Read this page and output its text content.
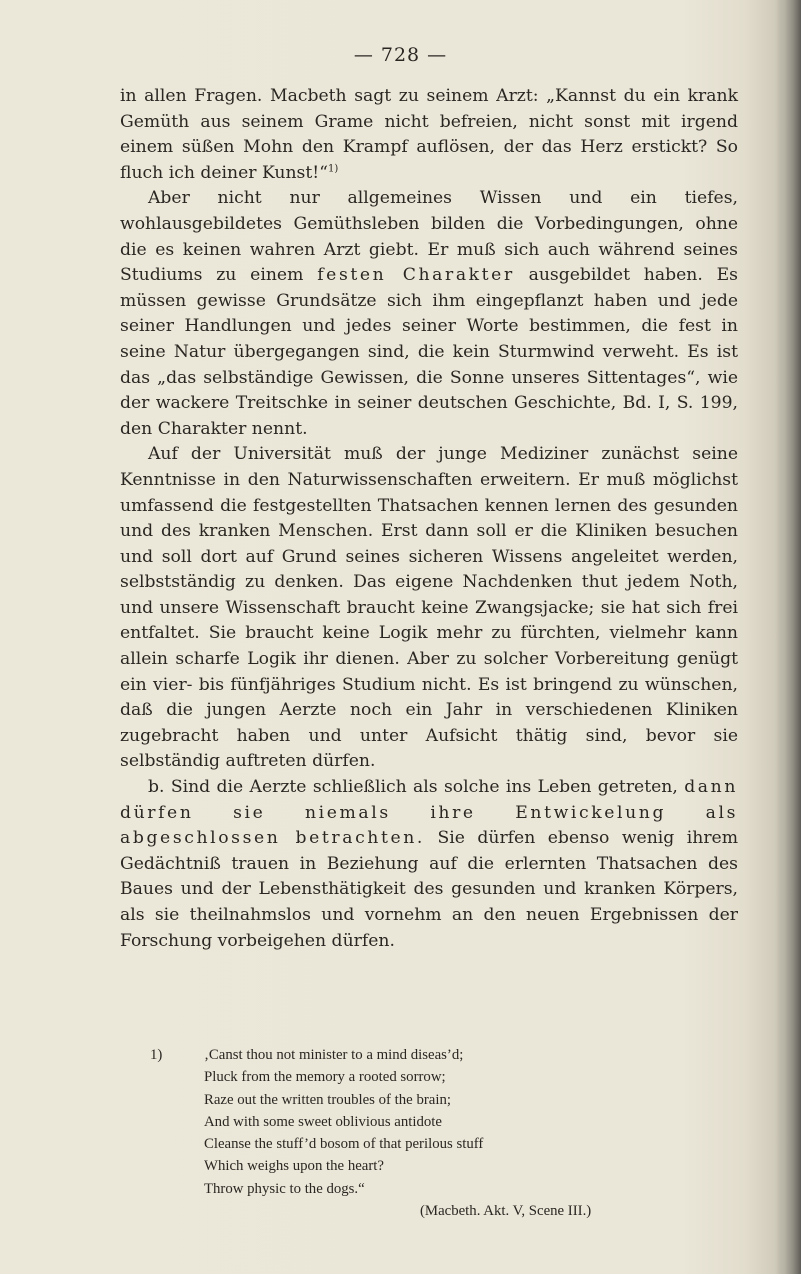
— 728 —

in allen Fragen. Macbeth sagt zu seinem Arzt: „Kannst du ein krank Gemüth aus seinem Grame nicht befreien, nicht sonst mit irgend einem süßen Mohn den Krampf auflösen, der das Herz erstickt? So fluch ich deiner Kunst!“$^{1)}$

Aber nicht nur allgemeines Wissen und ein tiefes, wohlausgebildetes Gemüthsleben bilden die Vorbedingungen, ohne die es keinen wahren Arzt giebt. Er muß sich auch während seines Studiums zu einem festen Charakter ausgebildet haben. Es müssen gewisse Grundsätze sich ihm eingepflanzt haben und jede seiner Handlungen und jedes seiner Worte bestimmen, die fest in seine Natur übergegangen sind, die kein Sturmwind verweht. Es ist das „das selbständige Gewissen, die Sonne unseres Sittentages“, wie der wackere Treitschke in seiner deutschen Geschichte, Bd. I, S. 199, den Charakter nennt.

Auf der Universität muß der junge Mediziner zunächst seine Kenntnisse in den Naturwissenschaften erweitern. Er muß möglichst umfassend die festgestellten Thatsachen kennen lernen des gesunden und des kranken Menschen. Erst dann soll er die Kliniken besuchen und soll dort auf Grund seines sicheren Wissens angeleitet werden, selbstständig zu denken. Das eigene Nachdenken thut jedem Noth, und unsere Wissenschaft braucht keine Zwangsjacke; sie hat sich frei entfaltet. Sie braucht keine Logik mehr zu fürchten, vielmehr kann allein scharfe Logik ihr dienen. Aber zu solcher Vorbereitung genügt ein vier- bis fünfjähriges Studium nicht. Es ist bringend zu wünschen, daß die jungen Aerzte noch ein Jahr in verschiedenen Kliniken zugebracht haben und unter Aufsicht thätig sind, bevor sie selbständig auftreten dürfen.

b. Sind die Aerzte schließlich als solche ins Leben getreten, dann dürfen sie niemals ihre Entwickelung als abgeschlossen betrachten. Sie dürfen ebenso wenig ihrem Gedächtniß trauen in Beziehung auf die erlernten Thatsachen des Baues und der Lebensthätigkeit des gesunden und kranken Körpers, als sie theilnahmslos und vornehm an den neuen Ergebnissen der Forschung vorbeigehen dürfen.

1)	‚Canst thou not minister to a mind diseas’d;
Pluck from the memory a rooted sorrow;
Raze out the written troubles of the brain;
And with some sweet oblivious antidote
Cleanse the stuff’d bosom of that perilous stuff
Which weighs upon the heart?
Throw physic to the dogs.“
(Macbeth. Akt. V, Scene III.)
